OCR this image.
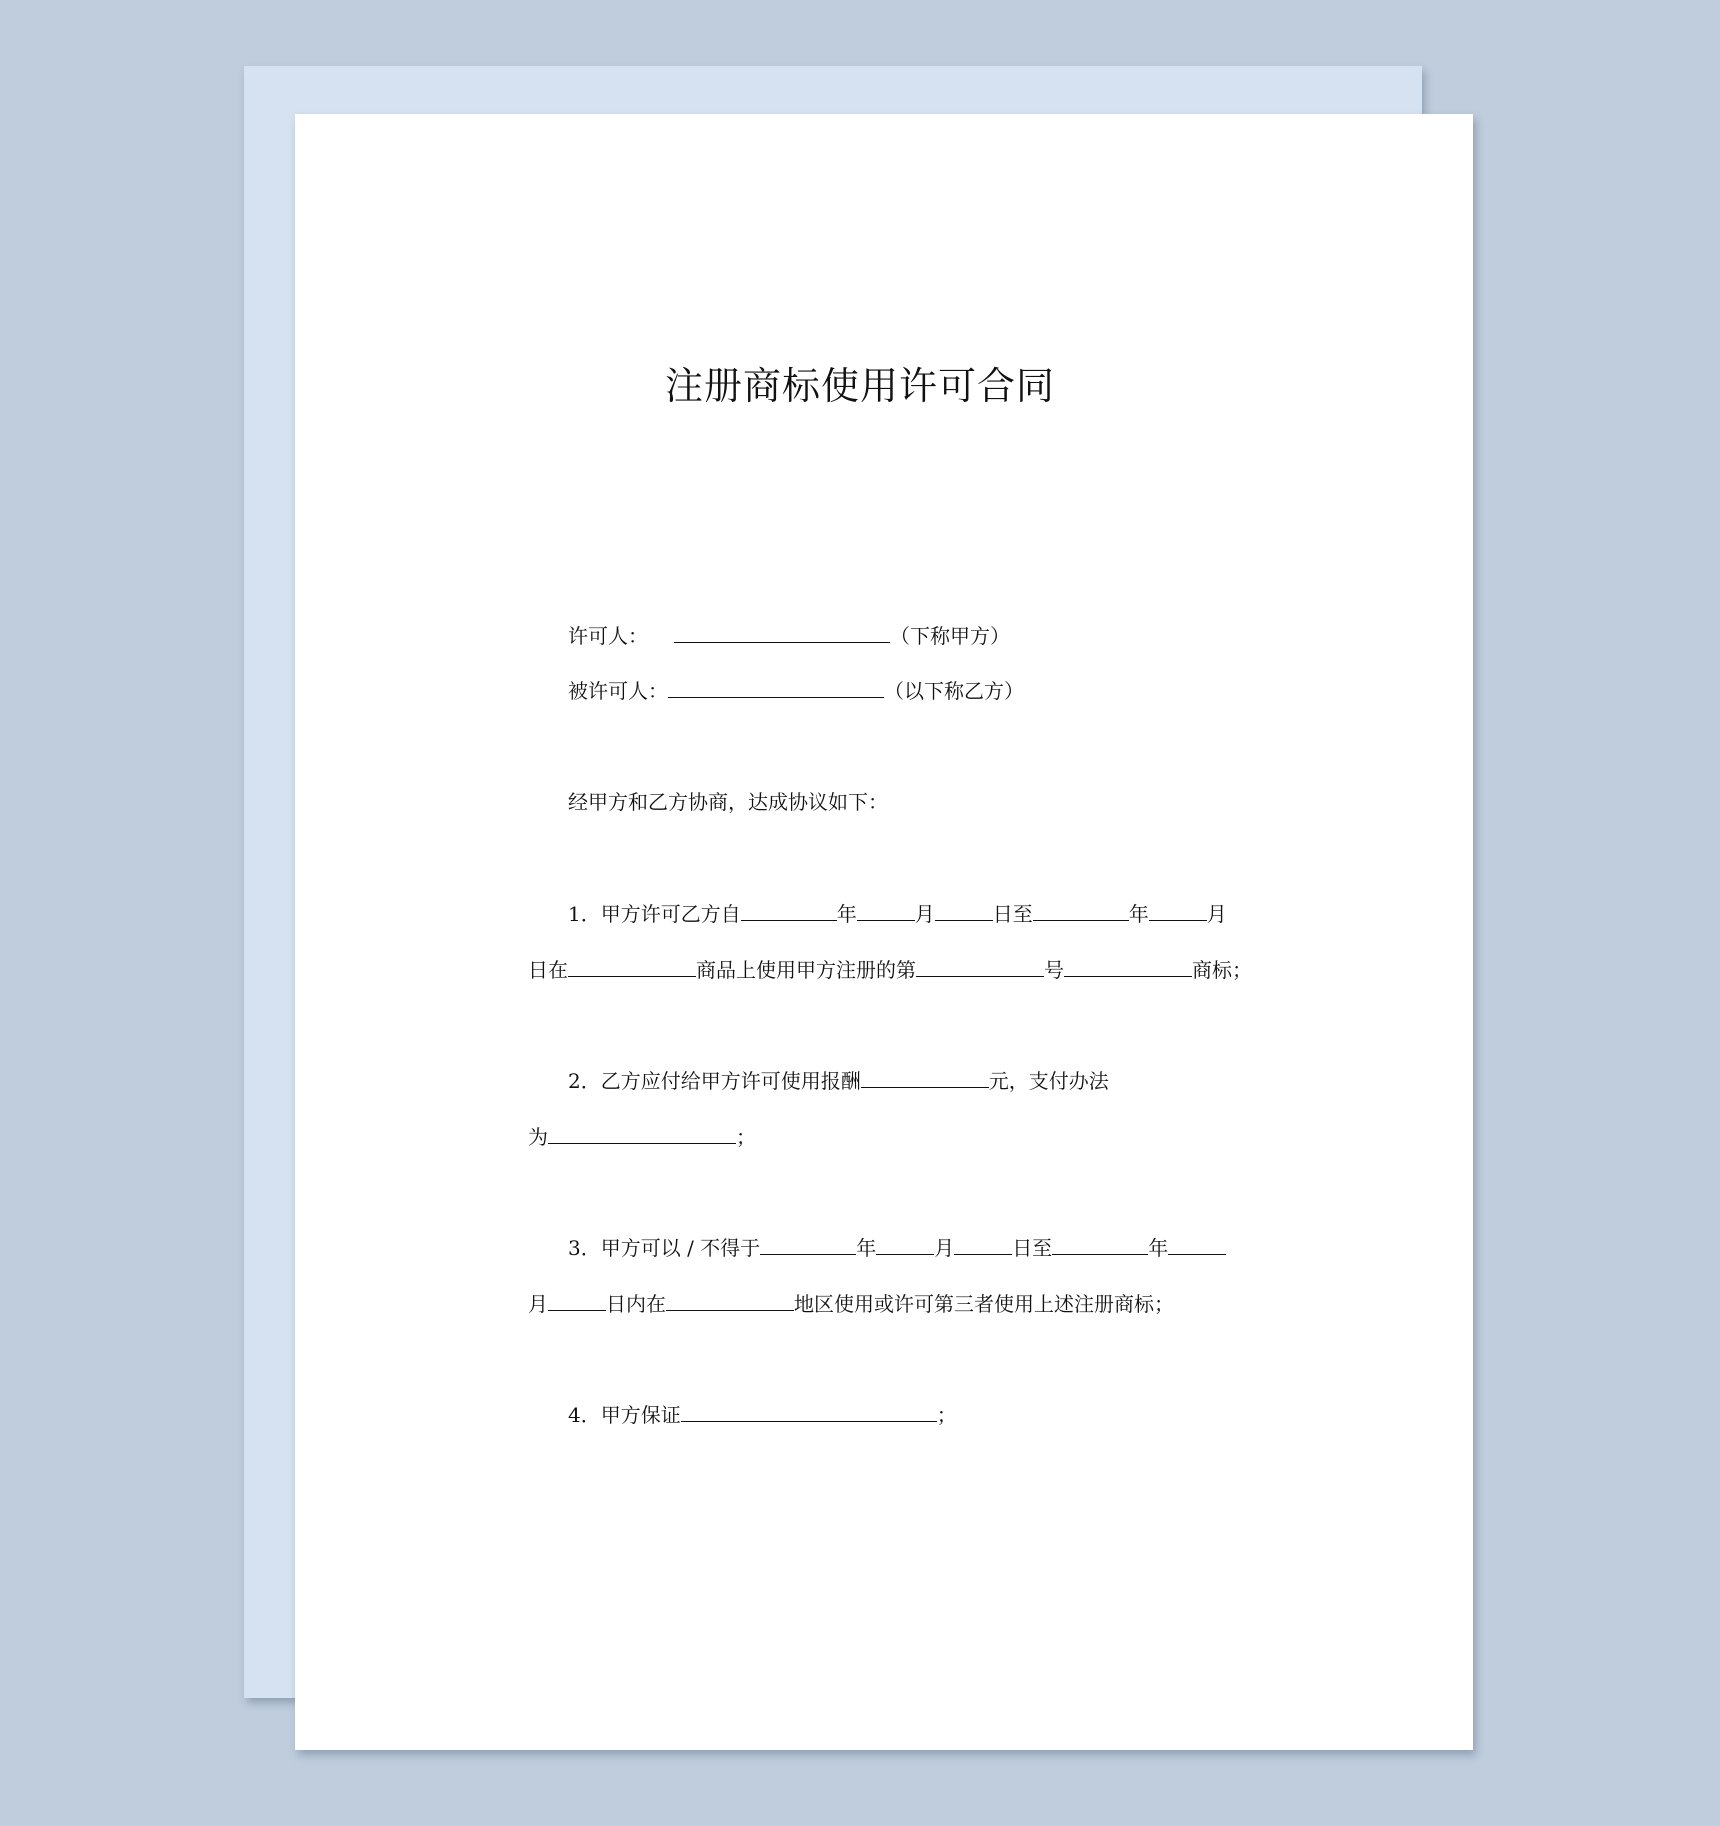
注册商标使用许可合同
许可人：	（下称甲方）
被许可人：	（以下称乙方）
经甲方和乙方协商，达成协议如下：
1．甲方许可乙方自	年	月	日至	年	月
日在	商品上使用甲方注册的第	号	商标；
2．乙方应付给甲方许可使用报酬	元，支付办法
为	；
3．甲方可以 / 不得于	年	月	日至	年
月	日内在	地区使用或许可第三者使用上述注册商标；
4．甲方保证	；
